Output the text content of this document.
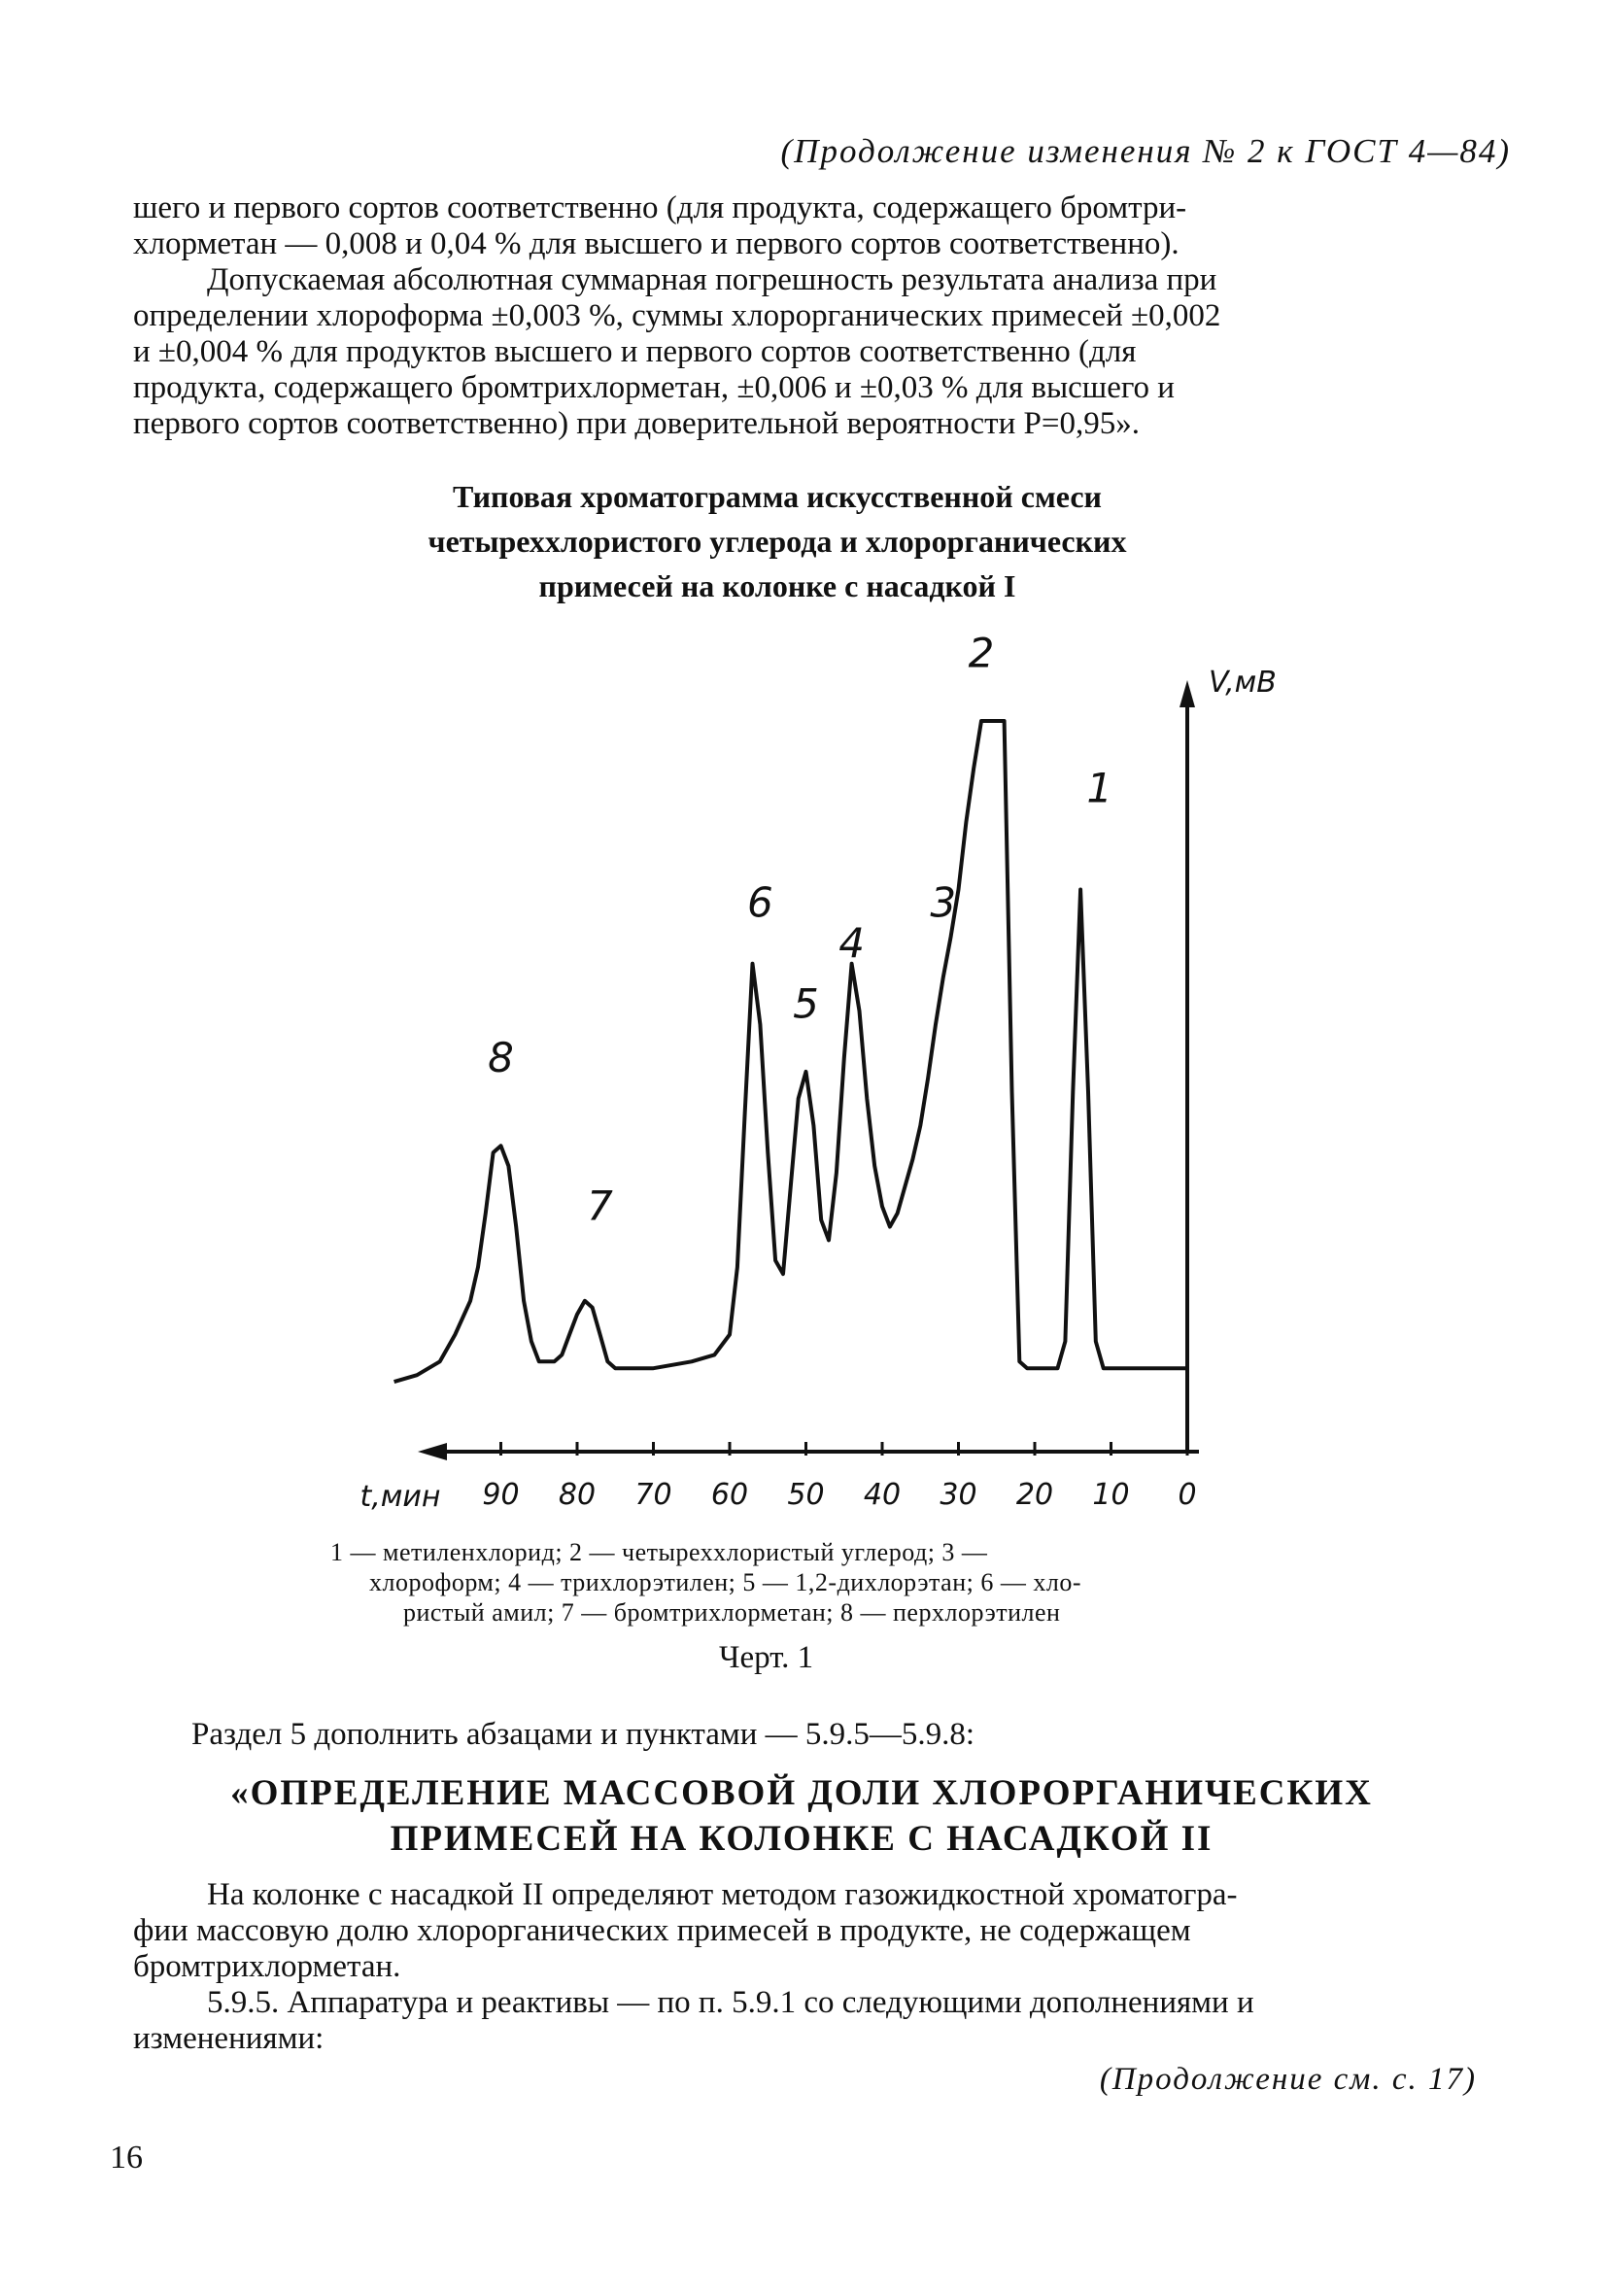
(Продолжение изменения № 2 к ГОСТ 4—84)

шего и первого сортов соответственно (для продукта, содержащего бромтри-

хлорметан — 0,008 и 0,04 % для высшего и первого сортов соответственно).

Допускаемая абсолютная суммарная погрешность результата анализа при

определении хлороформа ±0,003 %, суммы хлорорганических примесей ±0,002

и ±0,004 % для продуктов высшего и первого сортов соответственно (для

продукта, содержащего бромтрихлорметан, ±0,006 и ±0,03 % для высшего и

первого сортов соответственно) при доверительной вероятности P=0,95».

Типовая хроматограмма искусственной смеси
четыреххлористого углерода и хлорорганических
примесей на колонке с насадкой I
90 80 70 60 50 40 30 20 10 0
t,мин
V,мВ
1
2
3
4
5
6
7
8
1 — метиленхлорид; 2 — четыреххлористый углерод; 3 —
хлороформ; 4 — трихлорэтилен; 5 — 1,2-дихлорэтан; 6 — хло-
ристый амил; 7 — бромтрихлорметан; 8 — перхлорэтилен
Черт. 1
Раздел 5 дополнить абзацами и пунктами — 5.9.5—5.9.8:
«ОПРЕДЕЛЕНИЕ МАССОВОЙ ДОЛИ ХЛОРОРГАНИЧЕСКИХ
ПРИМЕСЕЙ НА КОЛОНКЕ С НАСАДКОЙ II

На колонке с насадкой II определяют методом газожидкостной хроматогра-

фии массовую долю хлорорганических примесей в продукте, не содержащем

бромтрихлорметан.

5.9.5. Аппаратура и реактивы — по п. 5.9.1 со следующими дополнениями и

изменениями:

(Продолжение см. с. 17)
16
